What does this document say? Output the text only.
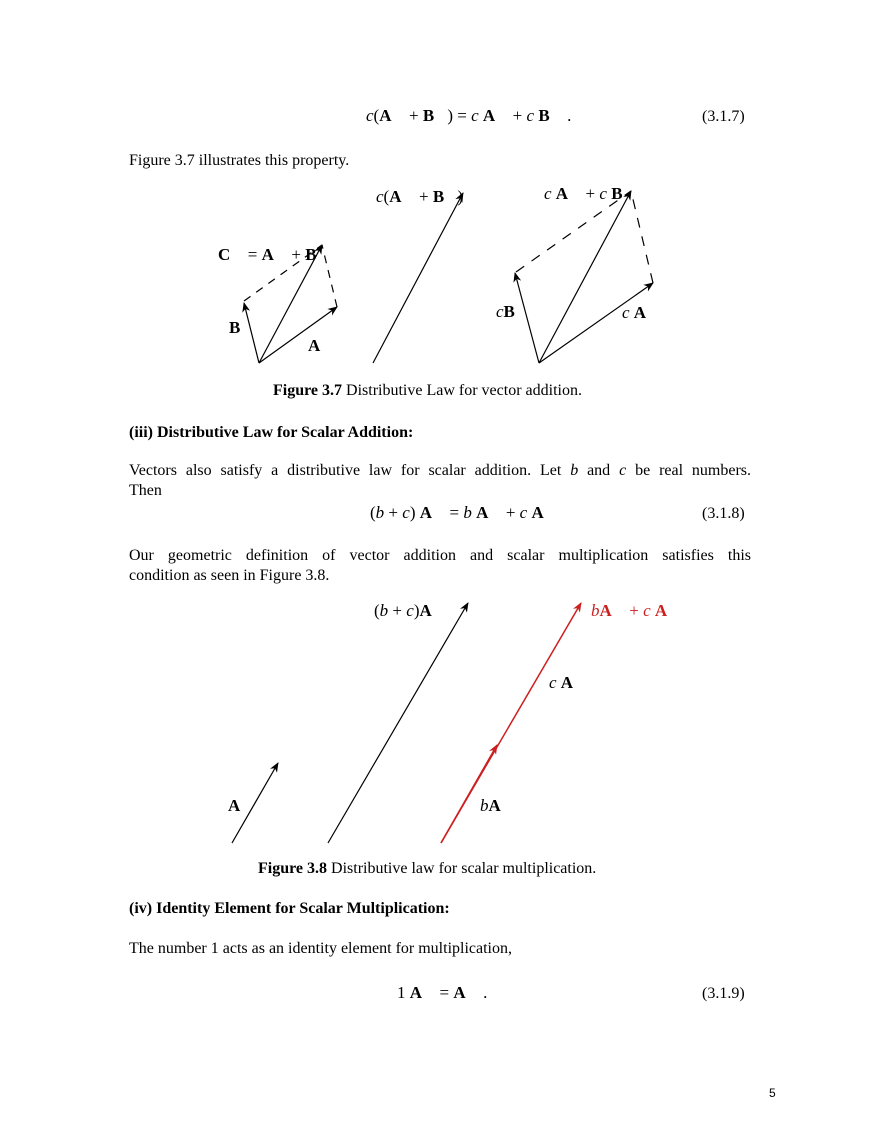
c(A⃗ + B⃗) = c A⃗ + c B⃗ .	(3.1.7)
Figure 3.7 illustrates this property.
C⃗ = A⃗ + B⃗
B⃗
A⃗
c(A⃗ + B⃗)	c A⃗ + c B⃗
cB⃗	c A⃗
Figure 3.7 Distributive Law for vector addition.
(iii) Distributive Law for Scalar Addition:
Vectors also satisfy a distributive law for scalar addition. Let b and c be real numbers.
Then
(b + c) A⃗ = b A⃗ + c A⃗	(3.1.8)
Our geometric definition of vector addition and scalar multiplication satisfies this
condition as seen in Figure 3.8.
A⃗
(b + c)A⃗	bA⃗ + c A⃗
c A⃗
bA⃗
Figure 3.8 Distributive law for scalar multiplication.
(iv) Identity Element for Scalar Multiplication:
The number 1 acts as an identity element for multiplication,
1 A⃗ = A⃗ .	(3.1.9)
5
